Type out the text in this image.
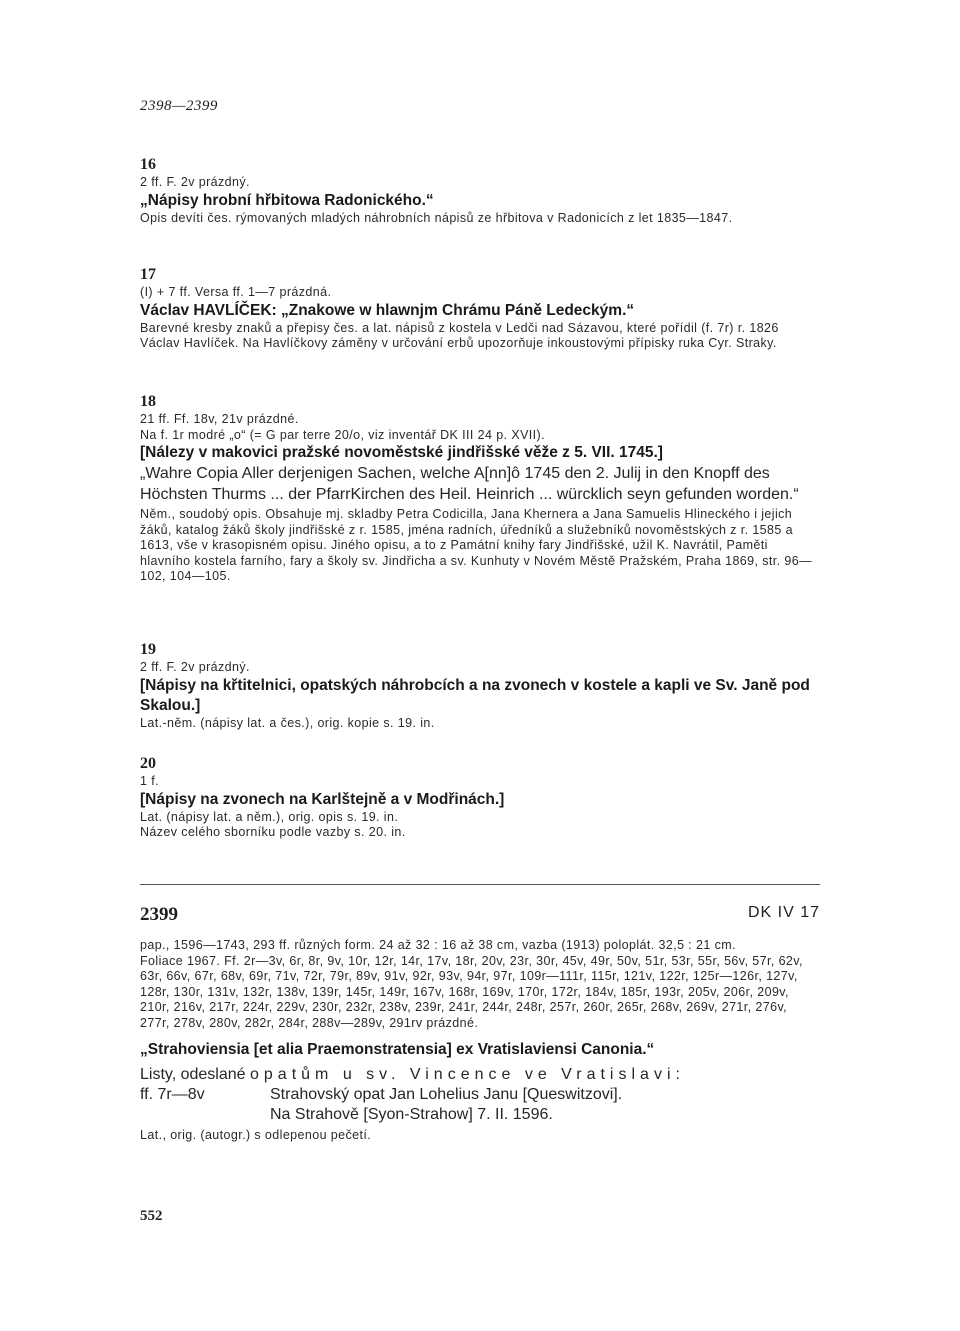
2398—2399
16

2 ff. F. 2v prázdný.

„Nápisy hrobní hřbitowa Radonického.“

Opis devíti čes. rýmovaných mladých náhrobních nápisů ze hřbitova v Radonicích z let 1835—1847.

17

(I) + 7 ff. Versa ff. 1—7 prázdná.

Václav HAVLÍČEK: „Znakowe w hlawnjm Chrámu Páně Ledeckým.“

Barevné kresby znaků a přepisy čes. a lat. nápisů z kostela v Ledči nad Sázavou, které pořídil (f. 7r) r. 1826 Václav Havlíček. Na Havlíčkovy záměny v určování erbů upozorňuje inkoustovými přípisky ruka Cyr. Straky.

18

21 ff. Ff. 18v, 21v prázdné.

Na f. 1r modré „o“ (= G par terre 20/o, viz inventář DK III 24 p. XVII).

[Nálezy v makovici pražské novoměstské jindřišské věže z 5. VII. 1745.]

„Wahre Copia Aller derjenigen Sachen, welche A[nn]ô 1745 den 2. Julij in den Knopff des Höchsten Thurms ... der PfarrKirchen des Heil. Heinrich ... würcklich seyn gefunden worden.“

Něm., soudobý opis. Obsahuje mj. skladby Petra Codicilla, Jana Khernera a Jana Samuelis Hlineckého i jejich žáků, katalog žáků školy jindřišské z r. 1585, jména radních, úředníků a služebníků novoměstských z r. 1585 a 1613, vše v krasopisném opisu. Jiného opisu, a to z Památní knihy fary Jindřišské, užil K. Navrátil, Paměti hlavního kostela farního, fary a školy sv. Jindřicha a sv. Kunhuty v Novém Městě Pražském, Praha 1869, str. 96—102, 104—105.

19

2 ff. F. 2v prázdný.

[Nápisy na křtitelnici, opatských náhrobcích a na zvonech v kostele a kapli ve Sv. Janě pod Skalou.]

Lat.-něm. (nápisy lat. a čes.), orig. kopie s. 19. in.

20

1 f.

[Nápisy na zvonech na Karlštejně a v Modřinách.]

Lat. (nápisy lat. a něm.), orig. opis s. 19. in.

Název celého sborníku podle vazby s. 20. in.

2399	DK IV 17

pap., 1596—1743, 293 ff. různých form. 24 až 32 : 16 až 38 cm, vazba (1913) poloplát. 32,5 : 21 cm.

Foliace 1967. Ff. 2r—3v, 6r, 8r, 9v, 10r, 12r, 14r, 17v, 18r, 20v, 23r, 30r, 45v, 49r, 50v, 51r, 53r, 55r, 56v, 57r, 62v, 63r, 66v, 67r, 68v, 69r, 71v, 72r, 79r, 89v, 91v, 92r, 93v, 94r, 97r, 109r—111r, 115r, 121v, 122r, 125r—126r, 127v, 128r, 130r, 131v, 132r, 138v, 139r, 145r, 149r, 167v, 168r, 169v, 170r, 172r, 184v, 185r, 193r, 205v, 206r, 209v, 210r, 216v, 217r, 224r, 229v, 230r, 232r, 238v, 239r, 241r, 244r, 248r, 257r, 260r, 265r, 268v, 269v, 271r, 276v, 277r, 278v, 280v, 282r, 284r, 288v—289v, 291rv prázdné.

„Strahoviensia [et alia Praemonstratensia] ex Vratislaviensi Canonia.“

Listy, odeslané opatům u sv. Vincence ve Vratislavi:

ff. 7r—8v	Strahovský opat Jan Lohelius Janu [Queswitzovi].
Na Strahově [Syon-Strahow] 7. II. 1596.

Lat., orig. (autogr.) s odlepenou pečetí.

552
